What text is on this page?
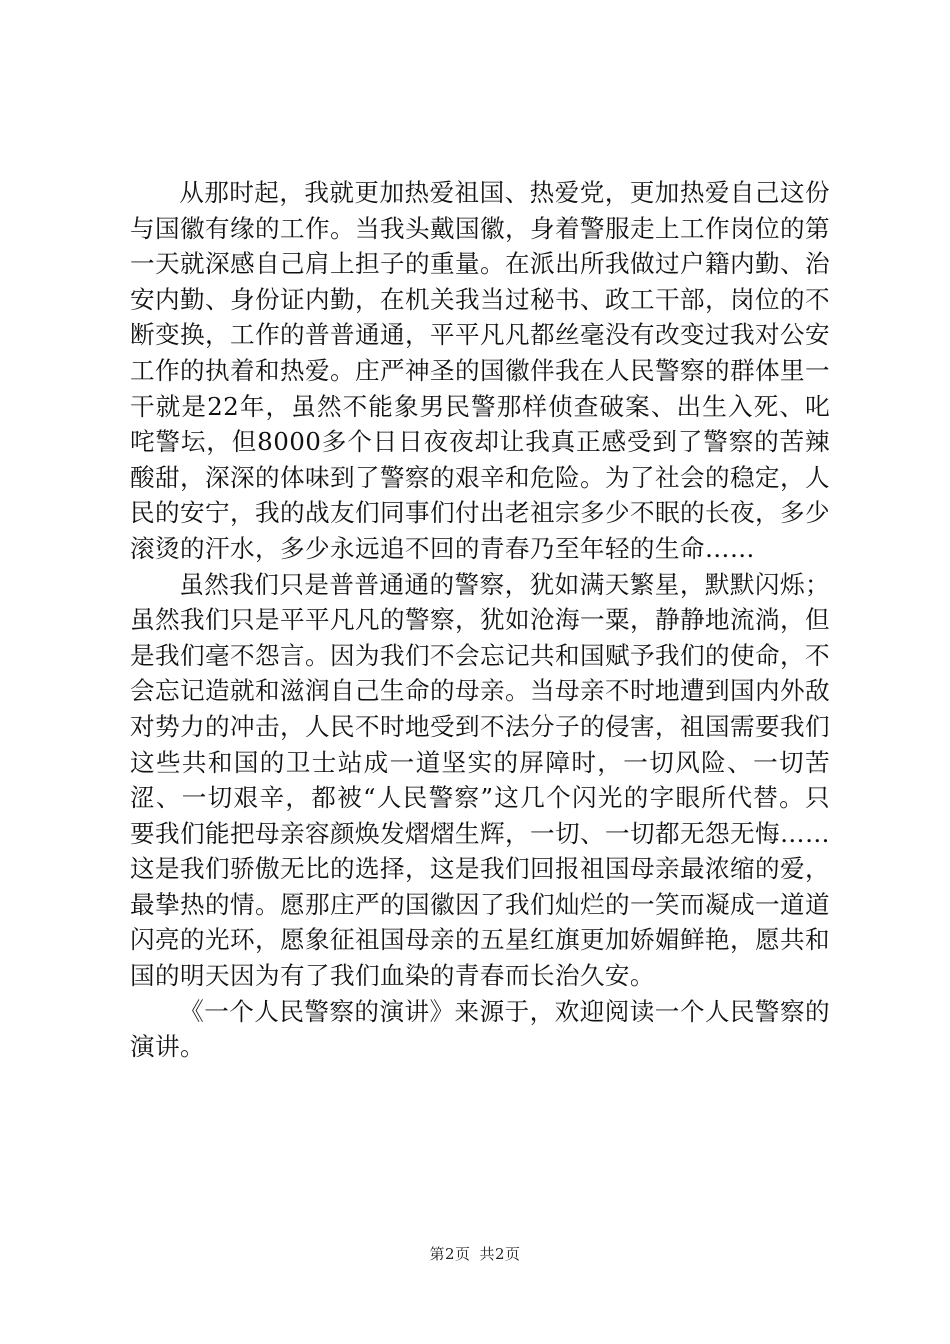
从那时起，我就更加热爱祖国、热爱党，更加热爱自己这份与国徽有缘的工作。当我头戴国徽，身着警服走上工作岗位的第一天就深感自己肩上担子的重量。在派出所我做过户籍内勤、治安内勤、身份证内勤，在机关我当过秘书、政工干部，岗位的不断变换，工作的普普通通，平平凡凡都丝毫没有改变过我对公安工作的执着和热爱。庄严神圣的国徽伴我在人民警察的群体里一干就是22年，虽然不能象男民警那样侦查破案、出生入死、叱咤警坛，但8000多个日日夜夜却让我真正感受到了警察的苦辣酸甜，深深的体味到了警察的艰辛和危险。为了社会的稳定，人民的安宁，我的战友们同事们付出老祖宗多少不眠的长夜，多少滚烫的汗水，多少永远追不回的青春乃至年轻的生命……

虽然我们只是普普通通的警察，犹如满天繁星，默默闪烁；虽然我们只是平平凡凡的警察，犹如沧海一粟，静静地流淌，但是我们毫不怨言。因为我们不会忘记共和国赋予我们的使命，不会忘记造就和滋润自己生命的母亲。当母亲不时地遭到国内外敌对势力的冲击，人民不时地受到不法分子的侵害，祖国需要我们这些共和国的卫士站成一道坚实的屏障时，一切风险、一切苦涩、一切艰辛，都被“人民警察”这几个闪光的字眼所代替。只要我们能把母亲容颜焕发熠熠生辉，一切、一切都无怨无悔……这是我们骄傲无比的选择，这是我们回报祖国母亲最浓缩的爱，最挚热的情。愿那庄严的国徽因了我们灿烂的一笑而凝成一道道闪亮的光环，愿象征祖国母亲的五星红旗更加娇媚鲜艳，愿共和国的明天因为有了我们血染的青春而长治久安。

《一个人民警察的演讲》来源于，欢迎阅读一个人民警察的演讲。

第2页 共2页
